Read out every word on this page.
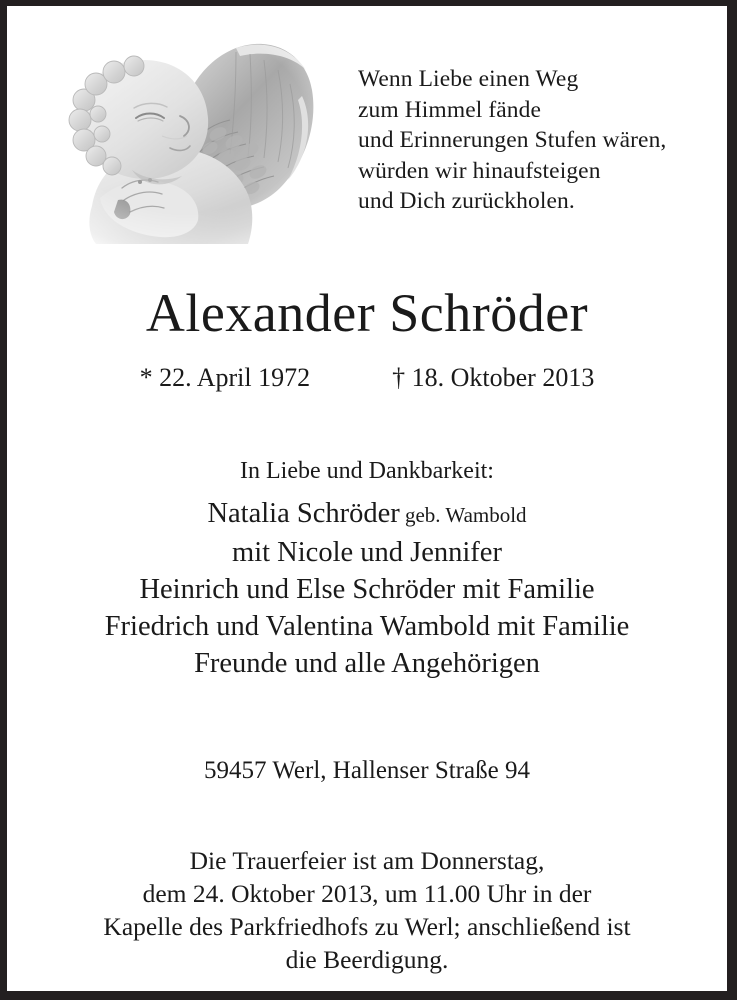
Wenn Liebe einen Weg
zum Himmel fände
und Erinnerungen Stufen wären,
würden wir hinaufsteigen
und Dich zurückholen.
Alexander Schröder
* 22. April 1972	† 18. Oktober 2013
In Liebe und Dankbarkeit:
Natalia Schröder geb. Wambold
mit Nicole und Jennifer
Heinrich und Else Schröder mit Familie
Friedrich und Valentina Wambold mit Familie
Freunde und alle Angehörigen
59457 Werl, Hallenser Straße 94
Die Trauerfeier ist am Donnerstag,
dem 24. Oktober 2013, um 11.00 Uhr in der
Kapelle des Parkfriedhofs zu Werl; anschließend ist
die Beerdigung.
